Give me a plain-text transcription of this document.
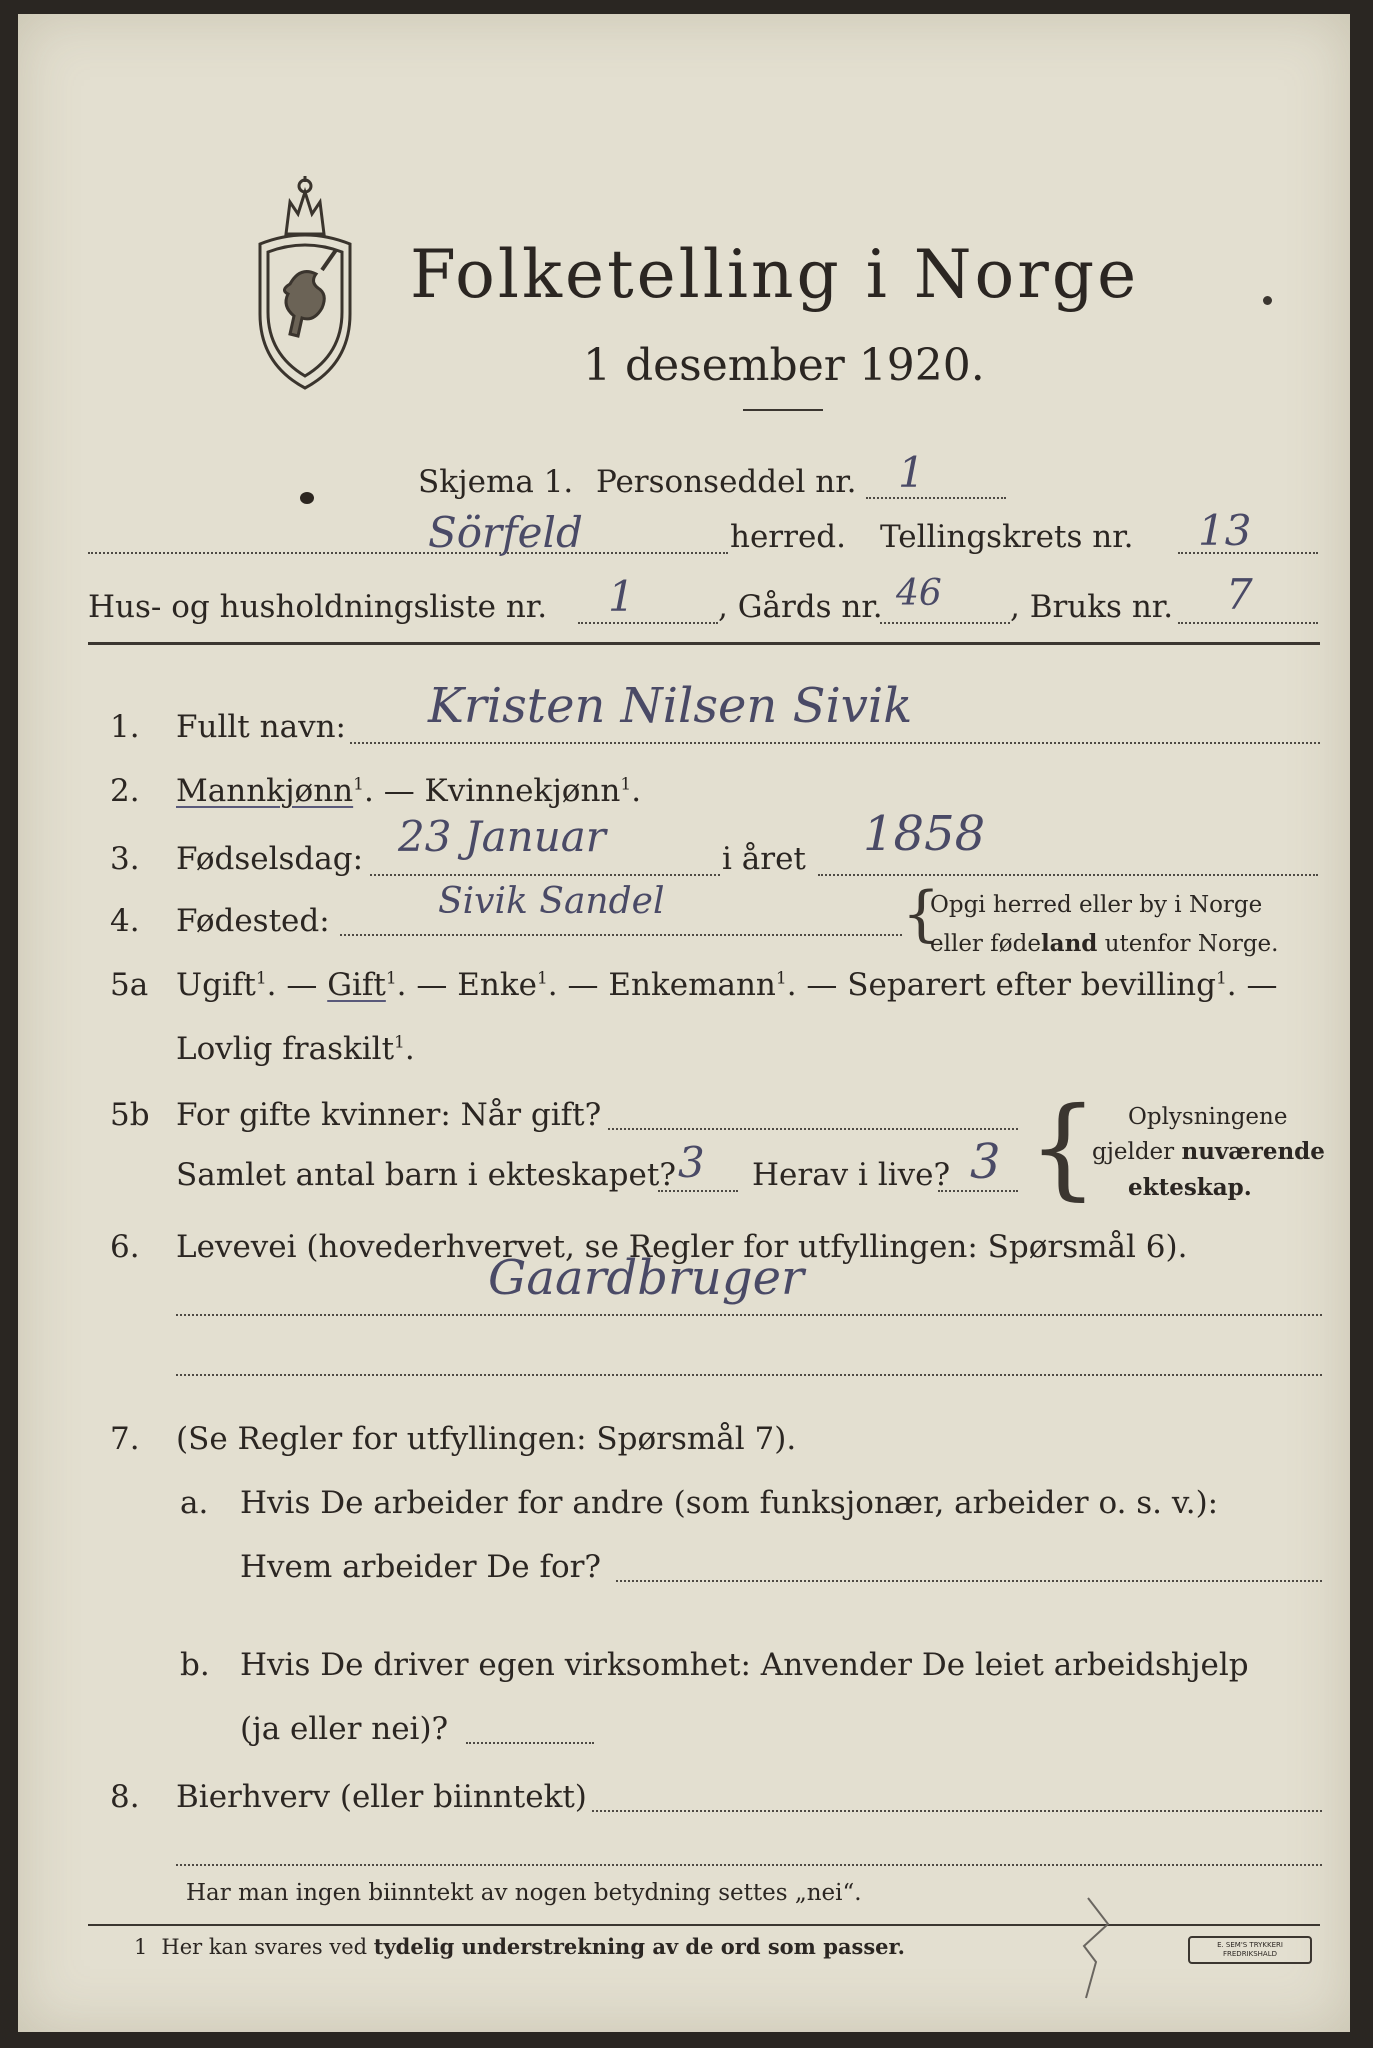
Folketelling i Norge
1 desember 1920.
Skjema 1. Personseddel nr. 1
Sörfeld	herred. Tellingskrets nr. 13
Hus- og husholdningsliste nr. 1	, Gårds nr. 46 , Bruks nr. 7
1. Fullt navn: Kristen Nilsen Sivik
2. Mannkjønn$^1$. — Kvinnekjønn$^1$.
3. Fødselsdag: 23 Januar	i året 1858
4. Fødested:	Sivik Sandel	{
Opgi herred eller by i Norge
eller fødeland utenfor Norge.
5a Ugift$^1$. — Gift$^1$. — Enke$^1$. — Enkemann$^1$. — Separert efter bevilling$^1$. —
Lovlig fraskilt$^1$.
5b For gifte kvinner: Når gift?
Samlet antal barn i ekteskapet? 3 Herav i live? 3 { Oplysningene
gjelder nuværende
ekteskap.
6. Levevei (hovederhvervet, se Regler for utfyllingen: Spørsmål 6).
Gaardbruger
7. (Se Regler for utfyllingen: Spørsmål 7).
a. Hvis De arbeider for andre (som funksjonær, arbeider o. s. v.):
Hvem arbeider De for?
b. Hvis De driver egen virksomhet: Anvender De leiet arbeidshjelp
(ja eller nei)?
8. Bierhverv (eller biinntekt)
Har man ingen biinntekt av nogen betydning settes „nei“.
1 Her kan svares ved tydelig understrekning av de ord som passer.	E. SEM'S TRYKKERI FREDRIKSHALD
